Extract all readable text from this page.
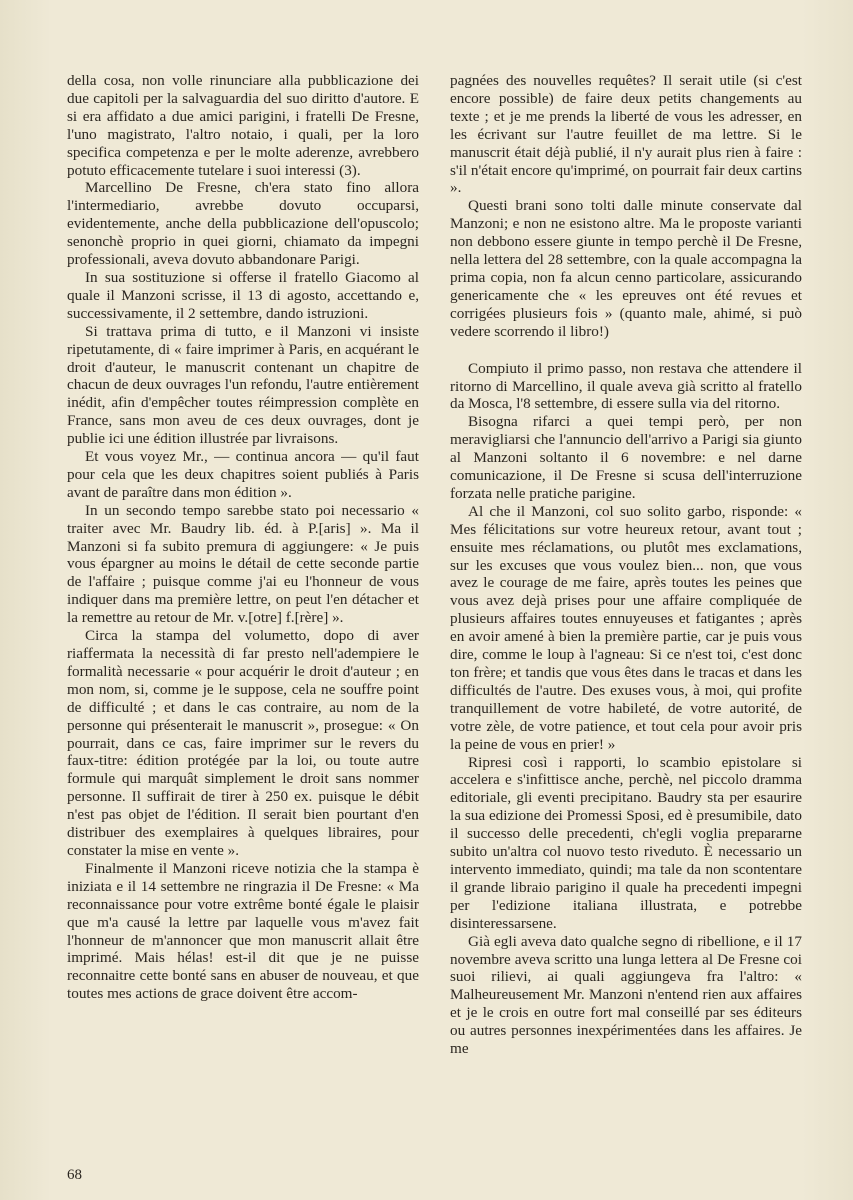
della cosa, non volle rinunciare alla pubblicazione dei due capitoli per la salvaguardia del suo diritto d'autore. E si era affidato a due amici parigini, i fratelli De Fresne, l'uno magistrato, l'altro notaio, i quali, per la loro specifica competenza e per le molte aderenze, avrebbero potuto efficacemente tutelare i suoi interessi (3).

Marcellino De Fresne, ch'era stato fino allora l'intermediario, avrebbe dovuto occuparsi, evidentemente, anche della pubblicazione dell'opuscolo; senonchè proprio in quei giorni, chiamato da impegni professionali, aveva dovuto abbandonare Parigi.

In sua sostituzione si offerse il fratello Giacomo al quale il Manzoni scrisse, il 13 di agosto, accettando e, successivamente, il 2 settembre, dando istruzioni.

Si trattava prima di tutto, e il Manzoni vi insiste ripetutamente, di « faire imprimer à Paris, en acquérant le droit d'auteur, le manuscrit contenant un chapitre de chacun de deux ouvrages l'un refondu, l'autre entièrement inédit, afin d'empêcher toutes réimpression complète en France, sans mon aveu de ces deux ouvrages, dont je publie ici une édition illustrée par livraisons.

Et vous voyez Mr., — continua ancora — qu'il faut pour cela que les deux chapitres soient publiés à Paris avant de paraître dans mon édition ».

In un secondo tempo sarebbe stato poi necessario « traiter avec Mr. Baudry lib. éd. à P.[aris] ». Ma il Manzoni si fa subito premura di aggiungere: « Je puis vous épargner au moins le détail de cette seconde partie de l'affaire ; puisque comme j'ai eu l'honneur de vous indiquer dans ma première lettre, on peut l'en détacher et la remettre au retour de Mr. v.[otre] f.[rère] ».

Circa la stampa del volumetto, dopo di aver riaffermata la necessità di far presto nell'adempiere le formalità necessarie « pour acquérir le droit d'auteur ; en mon nom, si, comme je le suppose, cela ne souffre point de difficulté ; et dans le cas contraire, au nom de la personne qui présenterait le manuscrit », prosegue: « On pourrait, dans ce cas, faire imprimer sur le revers du faux-titre: édition protégée par la loi, ou toute autre formule qui marquât simplement le droit sans nommer personne. Il suffirait de tirer à 250 ex. puisque le débit n'est pas objet de l'édition. Il serait bien pourtant d'en distribuer des exemplaires à quelques libraires, pour constater la mise en vente ».

Finalmente il Manzoni riceve notizia che la stampa è iniziata e il 14 settembre ne ringrazia il De Fresne: « Ma reconnaissance pour votre extrême bonté égale le plaisir que m'a causé la lettre par laquelle vous m'avez fait l'honneur de m'annoncer que mon manuscrit allait être imprimé. Mais hélas! est-il dit que je ne puisse reconnaitre cette bonté sans en abuser de nouveau, et que toutes mes actions de grace doivent être accom-

pagnées des nouvelles requêtes? Il serait utile (si c'est encore possible) de faire deux petits changements au texte ; et je me prends la liberté de vous les adresser, en les écrivant sur l'autre feuillet de ma lettre. Si le manuscrit était déjà publié, il n'y aurait plus rien à faire : s'il n'était encore qu'imprimé, on pourrait fair deux cartins ».

Questi brani sono tolti dalle minute conservate dal Manzoni; e non ne esistono altre. Ma le proposte varianti non debbono essere giunte in tempo perchè il De Fresne, nella lettera del 28 settembre, con la quale accompagna la prima copia, non fa alcun cenno particolare, assicurando genericamente che « les epreuves ont été revues et corrigées plusieurs fois » (quanto male, ahimé, si può vedere scorrendo il libro!)

Compiuto il primo passo, non restava che attendere il ritorno di Marcellino, il quale aveva già scritto al fratello da Mosca, l'8 settembre, di essere sulla via del ritorno.

Bisogna rifarci a quei tempi però, per non meravigliarsi che l'annuncio dell'arrivo a Parigi sia giunto al Manzoni soltanto il 6 novembre: e nel darne comunicazione, il De Fresne si scusa dell'interruzione forzata nelle pratiche parigine.

Al che il Manzoni, col suo solito garbo, risponde: « Mes félicitations sur votre heureux retour, avant tout ; ensuite mes réclamations, ou plutôt mes exclamations, sur les excuses que vous voulez bien... non, que vous avez le courage de me faire, après toutes les peines que vous avez dejà prises pour une affaire compliquée de plusieurs affaires toutes ennuyeuses et fatigantes ; après en avoir amené à bien la première partie, car je puis vous dire, comme le loup à l'agneau: Si ce n'est toi, c'est donc ton frère; et tandis que vous êtes dans le tracas et dans les difficultés de l'autre. Des exuses vous, à moi, qui profite tranquillement de votre habileté, de votre autorité, de votre zèle, de votre patience, et tout cela pour avoir pris la peine de vous en prier! »

Ripresi così i rapporti, lo scambio epistolare si accelera e s'infittisce anche, perchè, nel piccolo dramma editoriale, gli eventi precipitano. Baudry sta per esaurire la sua edizione dei Promessi Sposi, ed è presumibile, dato il successo delle precedenti, ch'egli voglia prepararne subito un'altra col nuovo testo riveduto. È necessario un intervento immediato, quindi; ma tale da non scontentare il grande libraio parigino il quale ha precedenti impegni per l'edizione italiana illustrata, e potrebbe disinteressarsene.

Già egli aveva dato qualche segno di ribellione, e il 17 novembre aveva scritto una lunga lettera al De Fresne coi suoi rilievi, ai quali aggiungeva fra l'altro: « Malheureusement Mr. Manzoni n'entend rien aux affaires et je le crois en outre fort mal conseillé par ses éditeurs ou autres personnes inexpérimentées dans les affaires. Je me

68
